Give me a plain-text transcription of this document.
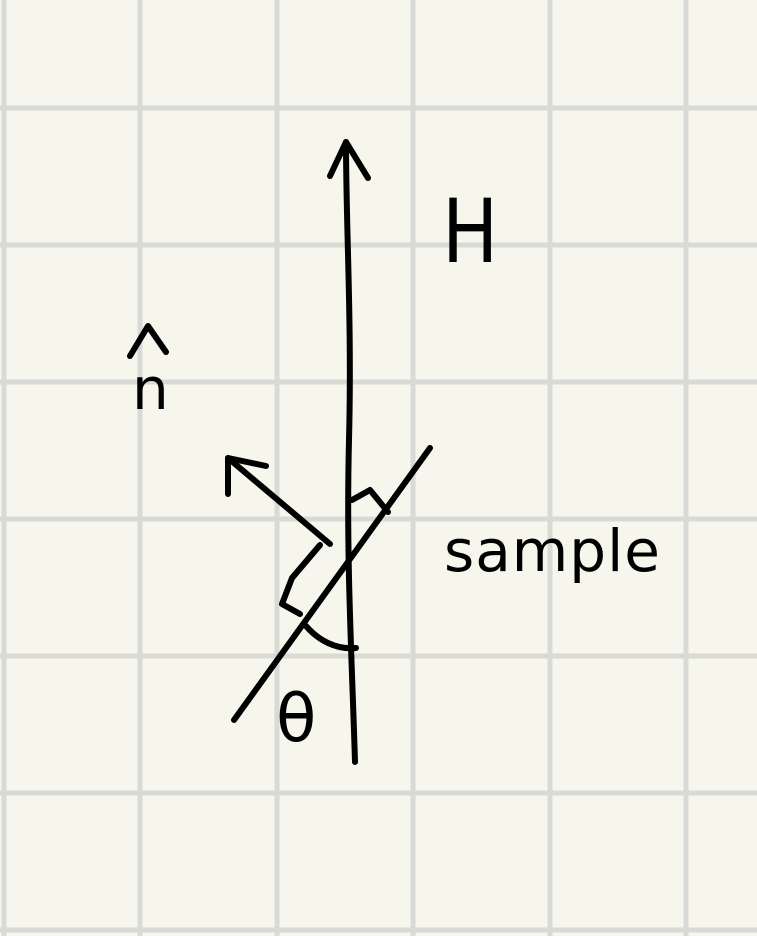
H
n
sample
θ
